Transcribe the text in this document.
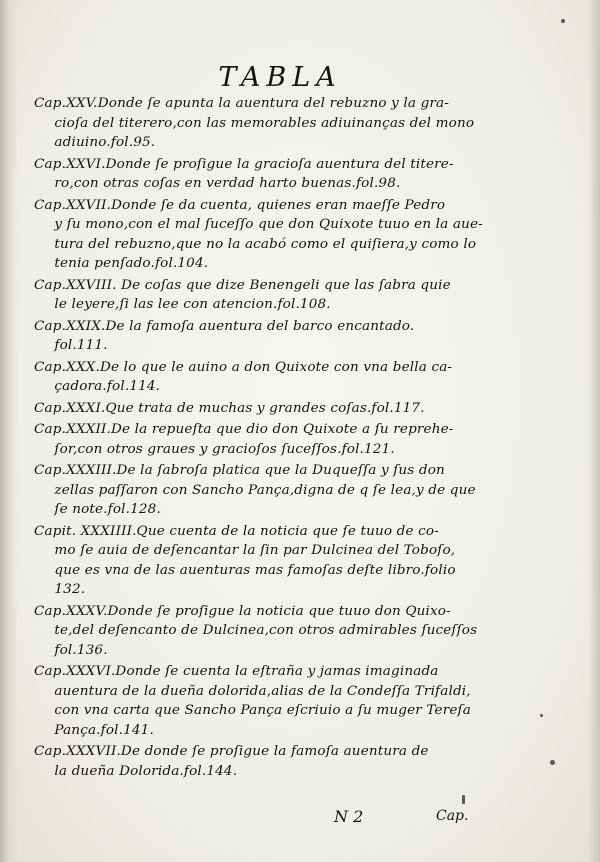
TABLA
Cap.XXV.Donde ſe apunta la auentura del rebuzno y la gra-
cioſa del titerero,con las memorables adiuinanças del mono
adiuino.fol.95.
Cap.XXVI.Donde ſe proſigue la gracioſa auentura del titere-
ro,con otras coſas en verdad harto buenas.fol.98.
Cap.XXVII.Donde ſe da cuenta, quienes eran maeſſe Pedro
y ſu mono,con el mal ſuceſſo que don Quixote tuuo en la aue-
tura del rebuzno,que no la acabó como el quiſiera,y como lo
tenia penſado.fol.104.
Cap.XXVIII. De coſas que dize Benengeli que las ſabra quie
le leyere,ſi las lee con atencion.fol.108.
Cap.XXIX.De la famoſa auentura del barco encantado.
fol.111.
Cap.XXX.De lo que le auino a don Quixote con vna bella ca-
çadora.fol.114.
Cap.XXXI.Que trata de muchas y grandes coſas.fol.117.
Cap.XXXII.De la repueſta que dio don Quixote a ſu reprehe-
ſor,con otros graues y gracioſos ſuceſſos.fol.121.
Cap.XXXIII.De la ſabroſa platica que la Duqueſſa y ſus don
zellas paſſaron con Sancho Pança,digna de q ſe lea,y de que
ſe note.fol.128.
Capit. XXXIIII.Que cuenta de la noticia que ſe tuuo de co-
mo ſe auia de deſencantar la ſin par Dulcinea del Toboſo,
que es vna de las auenturas mas famoſas deſte libro.folio
132.
Cap.XXXV.Donde ſe proſigue la noticia que tuuo don Quixo-
te,del deſencanto de Dulcinea,con otros admirables ſuceſſos
fol.136.
Cap.XXXVI.Donde ſe cuenta la eſtraña y jamas imaginada
auentura de la dueña dolorida,alias de la Condeſſa Trifaldi,
con vna carta que Sancho Pança eſcriuio a ſu muger Tereſa
Pança.fol.141.
Cap.XXXVII.De donde ſe proſigue la famoſa auentura de
la dueña Dolorida.fol.144.
N 2	Cap.
